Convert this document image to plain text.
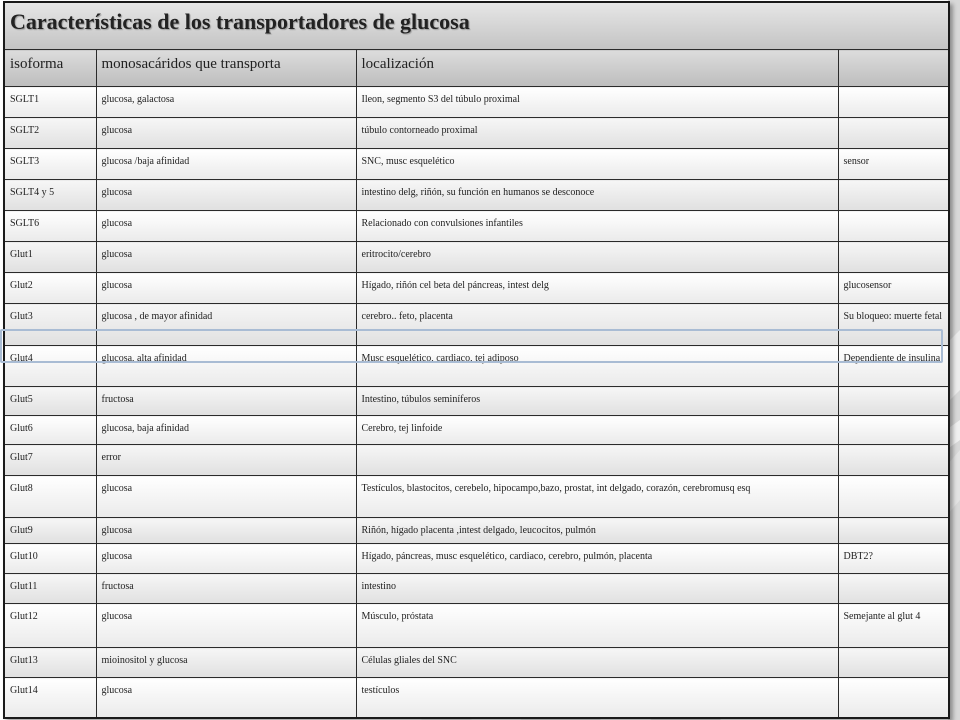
Características de los transportadores de glucosa			
isoforma	monosacáridos que transporta	localización	
SGLT1	glucosa, galactosa	Ileon, segmento S3 del túbulo proximal	
SGLT2	glucosa	túbulo contorneado proximal	
SGLT3	glucosa /baja afinidad	SNC, musc esquelético	sensor
SGLT4 y 5	glucosa	intestino delg, riñón, su función en humanos se desconoce	
SGLT6	glucosa	Relacionado con convulsiones infantiles	
Glut1	glucosa	eritrocito/cerebro	
Glut2	glucosa	Hígado, riñón cel beta del páncreas, intest delg	glucosensor
Glut3	glucosa , de mayor afinidad	cerebro.. feto, placenta	Su bloqueo: muerte fetal
Glut4	glucosa, alta afinidad	Musc esquelético, cardiaco, tej adiposo	Dependiente de insulina
Glut5	fructosa	Intestino, túbulos seminíferos	
Glut6	glucosa, baja afinidad	Cerebro, tej linfoide	
Glut7	error		
Glut8	glucosa	Testículos, blastocitos, cerebelo, hipocampo,bazo, prostat, int delgado, corazón, cerebromusq esq	
Glut9	glucosa	Riñón, hígado placenta ,intest delgado, leucocitos, pulmón	
Glut10	glucosa	Hígado, páncreas, musc esquelético, cardiaco, cerebro, pulmón, placenta	DBT2?
Glut11	fructosa	intestino	
Glut12	glucosa	Músculo, próstata	Semejante al glut 4
Glut13	mioinositol y glucosa	Células gliales del SNC	
Glut14	glucosa	testículos	
